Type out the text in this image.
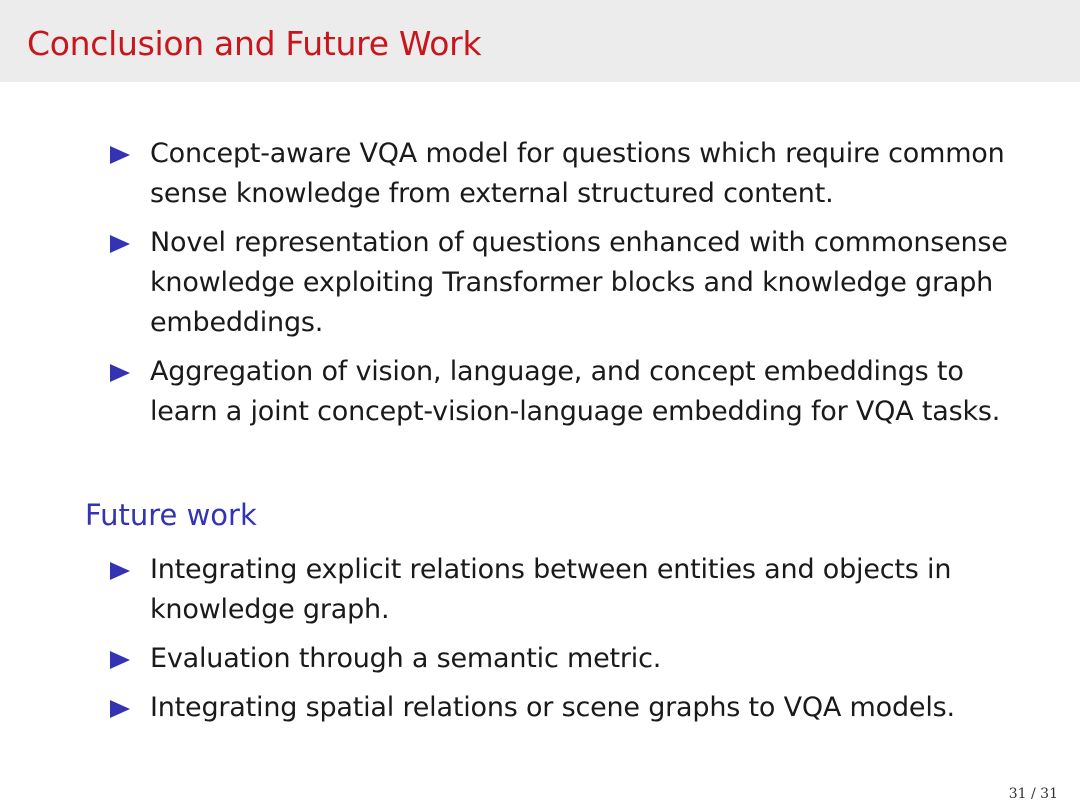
Conclusion and Future Work
Concept-aware VQA model for questions which require common sense knowledge from external structured content.
Novel representation of questions enhanced with commonsense knowledge exploiting Transformer blocks and knowledge graph embeddings.
Aggregation of vision, language, and concept embeddings to learn a joint concept-vision-language embedding for VQA tasks.
Future work
Integrating explicit relations between entities and objects in knowledge graph.
Evaluation through a semantic metric.
Integrating spatial relations or scene graphs to VQA models.
31 / 31
